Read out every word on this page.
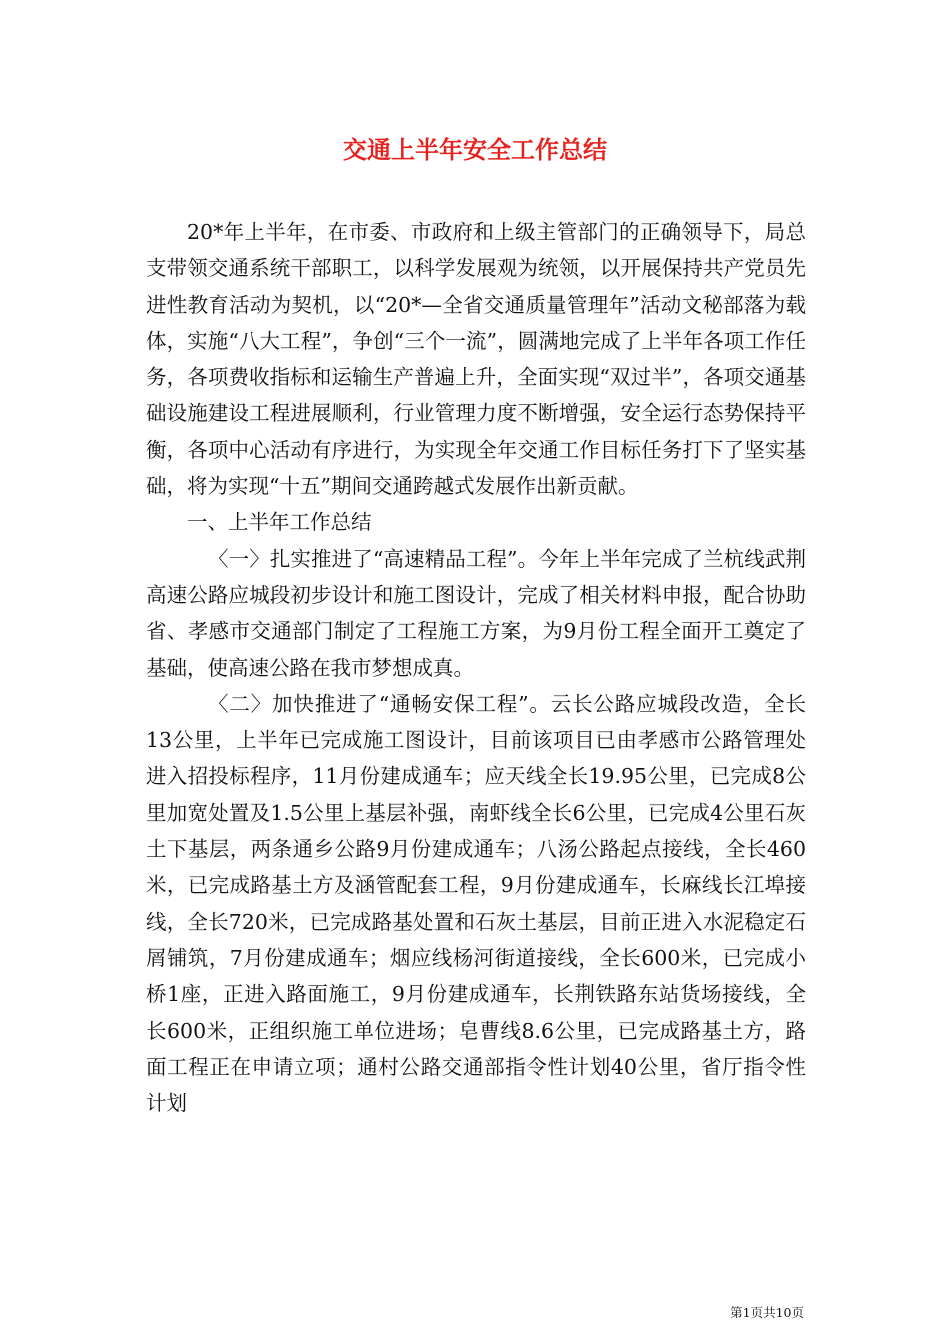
交通上半年安全工作总结

20*年上半年，在市委、市政府和上级主管部门的正确领导下，局总支带领交通系统干部职工，以科学发展观为统领，以开展保持共产党员先进性教育活动为契机，以“20*—全省交通质量管理年”活动文秘部落为载体，实施“八大工程”，争创“三个一流”，圆满地完成了上半年各项工作任务，各项费收指标和运输生产普遍上升，全面实现“双过半”，各项交通基础设施建设工程进展顺利，行业管理力度不断增强，安全运行态势保持平衡，各项中心活动有序进行，为实现全年交通工作目标任务打下了坚实基础，将为实现“十五”期间交通跨越式发展作出新贡献。

一、上半年工作总结

〈一〉扎实推进了“高速精品工程”。今年上半年完成了兰杭线武荆高速公路应城段初步设计和施工图设计，完成了相关材料申报，配合协助省、孝感市交通部门制定了工程施工方案，为9月份工程全面开工奠定了基础，使高速公路在我市梦想成真。

〈二〉加快推进了“通畅安保工程”。云长公路应城段改造，全长13公里，上半年已完成施工图设计，目前该项目已由孝感市公路管理处进入招投标程序，11月份建成通车；应天线全长19.95公里，已完成8公里加宽处置及1.5公里上基层补强，南虾线全长6公里，已完成4公里石灰土下基层，两条通乡公路9月份建成通车；八汤公路起点接线，全长460米，已完成路基土方及涵管配套工程，9月份建成通车，长麻线长江埠接线，全长720米，已完成路基处置和石灰土基层，目前正进入水泥稳定石屑铺筑，7月份建成通车；烟应线杨河街道接线，全长600米，已完成小桥1座，正进入路面施工，9月份建成通车，长荆铁路东站货场接线，全长600米，正组织施工单位进场；皂曹线8.6公里，已完成路基土方，路面工程正在申请立项；通村公路交通部指令性计划40公里，省厅指令性计划

第1页共10页
